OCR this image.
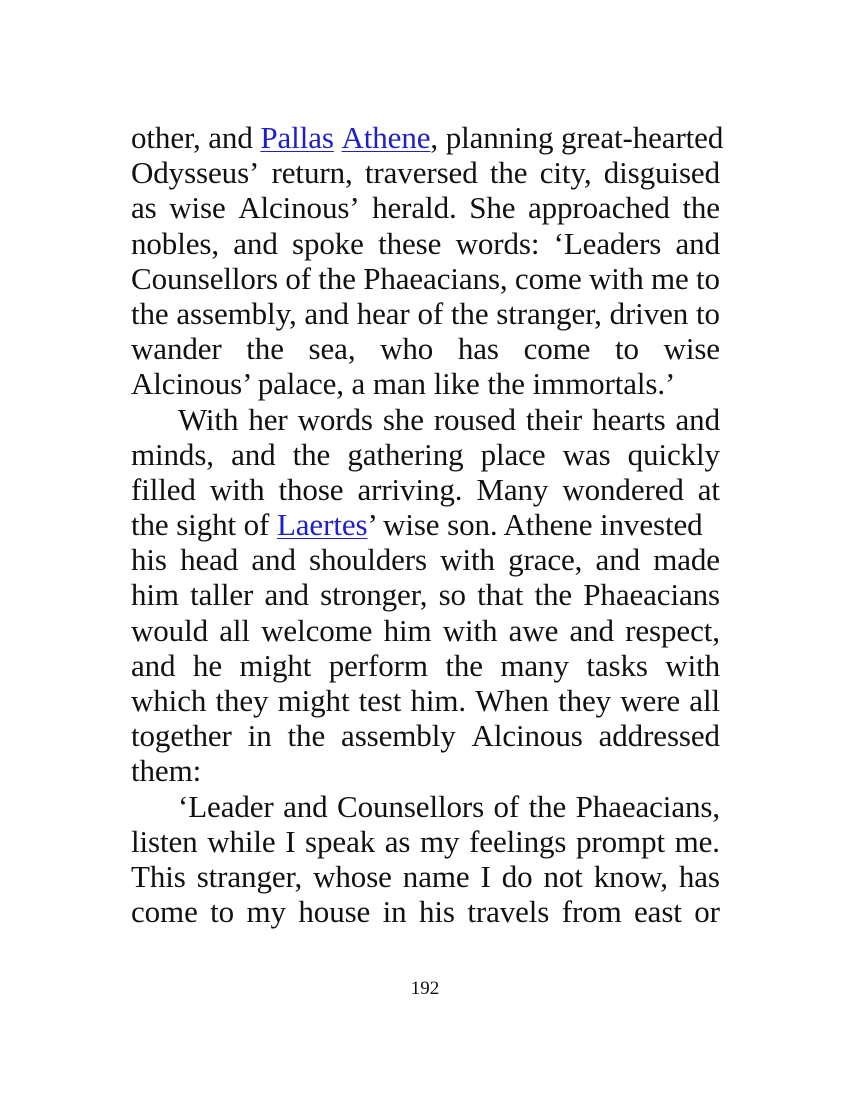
other, and Pallas Athene, planning great-hearted
Odysseus’ return, traversed the city, disguised
as wise Alcinous’ herald. She approached the
nobles, and spoke these words: ‘Leaders and
Counsellors of the Phaeacians, come with me to
the assembly, and hear of the stranger, driven to
wander the sea, who has come to wise
Alcinous’ palace, a man like the immortals.’
With her words she roused their hearts and
minds, and the gathering place was quickly
filled with those arriving. Many wondered at
the sight of Laertes’ wise son. Athene invested
his head and shoulders with grace, and made
him taller and stronger, so that the Phaeacians
would all welcome him with awe and respect,
and he might perform the many tasks with
which they might test him. When they were all
together in the assembly Alcinous addressed
them:
‘Leader and Counsellors of the Phaeacians,
listen while I speak as my feelings prompt me.
This stranger, whose name I do not know, has
come to my house in his travels from east or
192
